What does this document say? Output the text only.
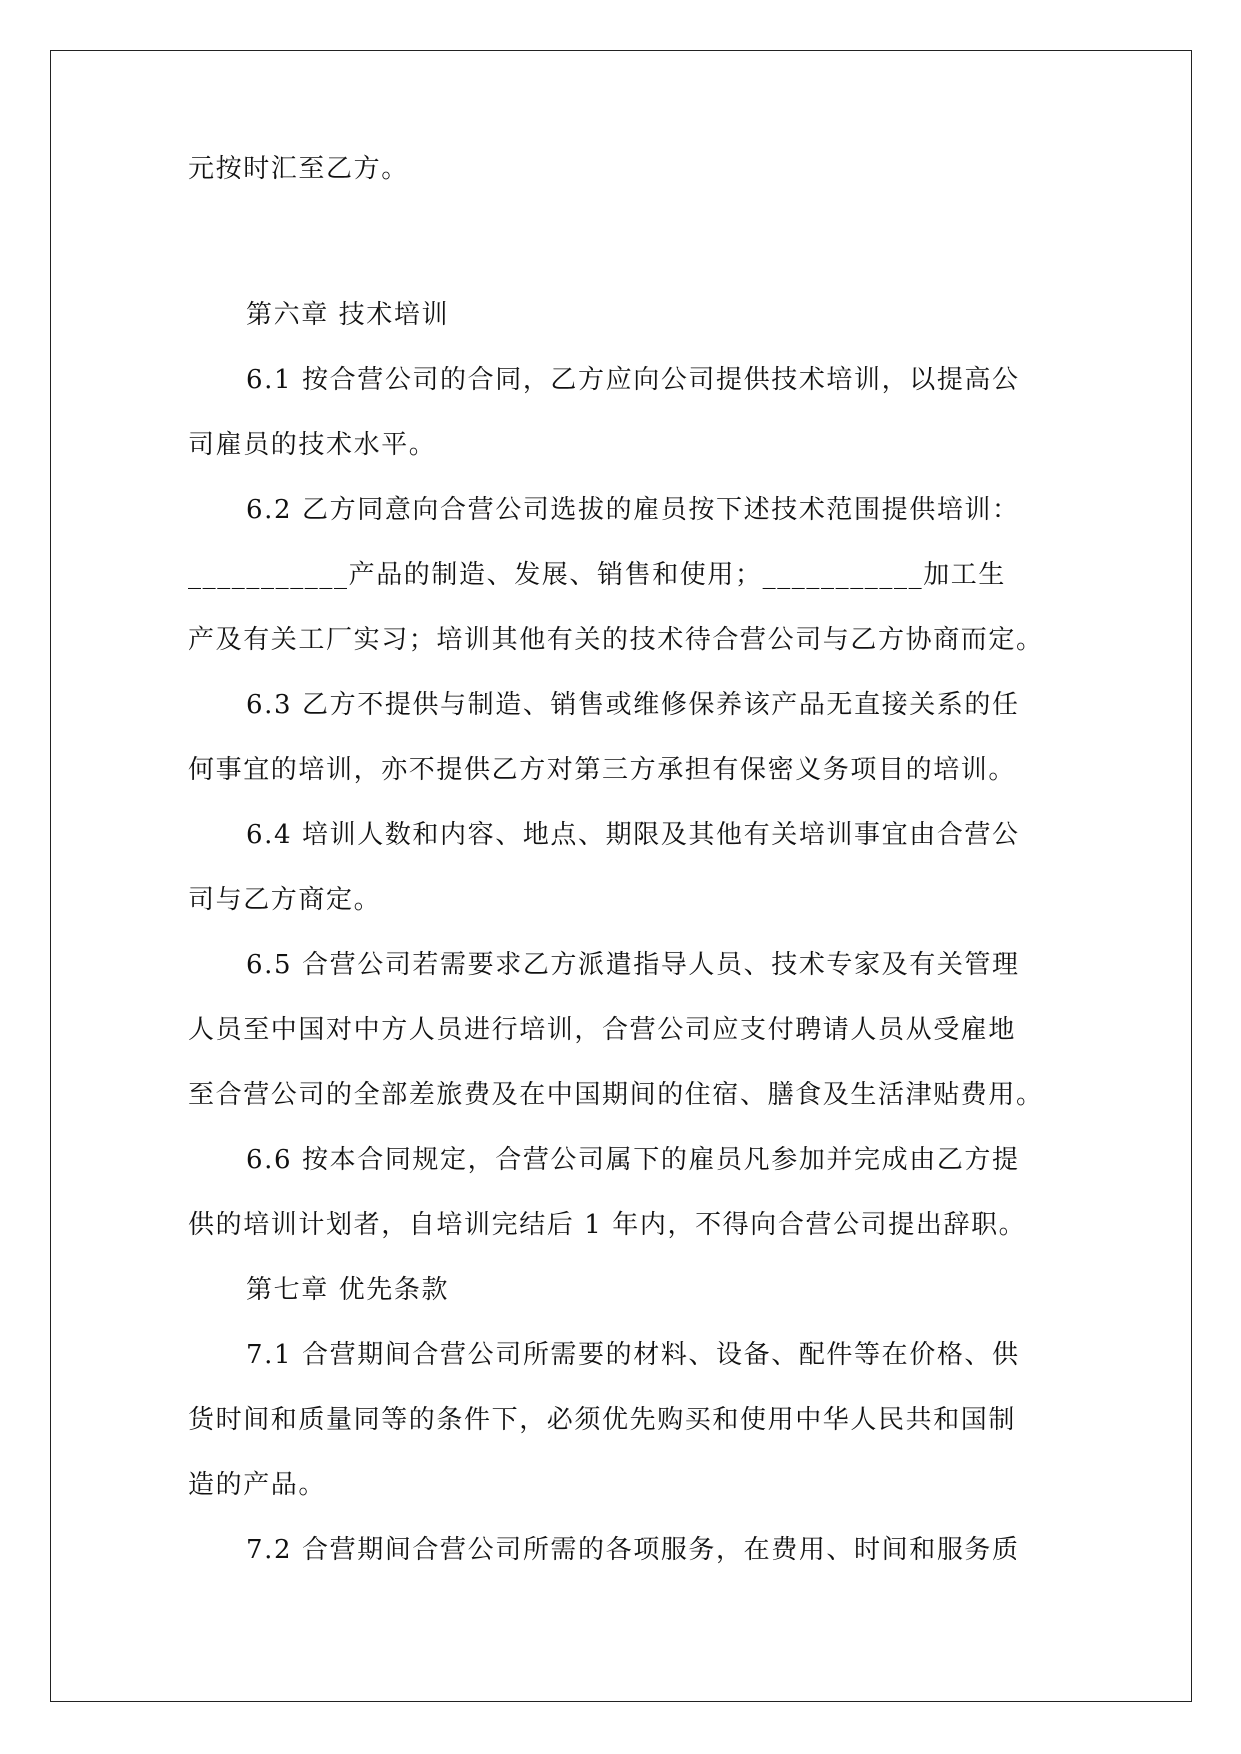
元按时汇至乙方。

第六章 技术培训

6.1 按合营公司的合同，乙方应向公司提供技术培训，以提高公

司雇员的技术水平。

6.2 乙方同意向合营公司选拔的雇员按下述技术范围提供培训：

___________产品的制造、发展、销售和使用；___________加工生

产及有关工厂实习；培训其他有关的技术待合营公司与乙方协商而定。

6.3 乙方不提供与制造、销售或维修保养该产品无直接关系的任

何事宜的培训，亦不提供乙方对第三方承担有保密义务项目的培训。

6.4 培训人数和内容、地点、期限及其他有关培训事宜由合营公

司与乙方商定。

6.5 合营公司若需要求乙方派遣指导人员、技术专家及有关管理

人员至中国对中方人员进行培训，合营公司应支付聘请人员从受雇地

至合营公司的全部差旅费及在中国期间的住宿、膳食及生活津贴费用。

6.6 按本合同规定，合营公司属下的雇员凡参加并完成由乙方提

供的培训计划者，自培训完结后 1 年内，不得向合营公司提出辞职。

第七章 优先条款

7.1 合营期间合营公司所需要的材料、设备、配件等在价格、供

货时间和质量同等的条件下，必须优先购买和使用中华人民共和国制

造的产品。

7.2 合营期间合营公司所需的各项服务，在费用、时间和服务质
